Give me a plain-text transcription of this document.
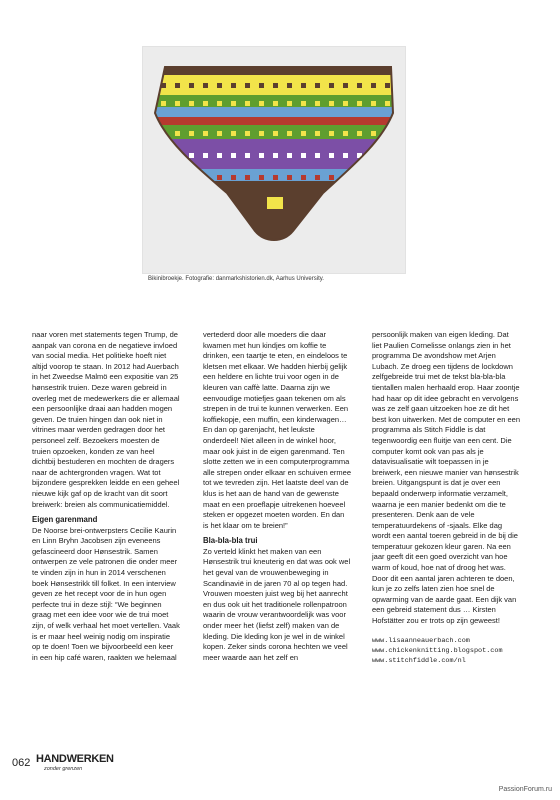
Bikinibroekje. Fotografie: danmarkshistorien.dk, Aarhus University.

naar voren met statements tegen Trump, de aanpak van corona en de negatieve invloed van social media. Het politieke hoeft niet altijd voorop te staan. In 2012 had Auerbach in het Zweedse Malmö een expositie van 25 hønsestrik truien. Deze waren gebreid in overleg met de medewerkers die er allemaal een persoonlijke draai aan hadden mogen geven. De truien hingen dan ook niet in vitrines maar werden gedragen door het personeel zelf. Bezoekers moesten de truien opzoeken, konden ze van heel dichtbij bestuderen en mochten de dragers naar de achtergronden vragen. Wat tot bijzondere gesprekken leidde en een geheel nieuwe kijk gaf op de kracht van dit soort breiwerk: breien als communicatiemiddel.

Eigen garenmand

De Noorse brei-ontwerpsters Cecilie Kaurin en Linn Bryhn Jacobsen zijn eveneens gefascineerd door Hønsestrik. Samen ontwerpen ze vele patronen die onder meer te vinden zijn in hun in 2014 verschenen boek Hønsestrikk till folket. In een interview geven ze het recept voor de in hun ogen perfecte trui in deze stijl: “We beginnen graag met een idee voor wie de trui moet zijn, of welk verhaal het moet vertellen. Vaak is er maar heel weinig nodig om inspiratie op te doen! Toen we bijvoorbeeld een keer in een hip café waren, raakten we helemaal

vertederd door alle moeders die daar kwamen met hun kindjes om koffie te drinken, een taartje te eten, en eindeloos te kletsen met elkaar. We hadden hierbij gelijk een heldere en lichte trui voor ogen in de kleuren van caffè latte. Daarna zijn we eenvoudige motiefjes gaan tekenen om als strepen in de trui te kunnen verwerken. Een koffiekopje, een muffin, een kinderwagen… En dan op garenjacht, het leukste onderdeel! Niet alleen in de winkel hoor, maar ook juist in de eigen garenmand. Ten slotte zetten we in een computerprogramma alle strepen onder elkaar en schuiven ermee tot we tevreden zijn. Het laatste deel van de klus is het aan de hand van de gewenste maat en een proeflapje uitrekenen hoeveel steken er opgezet moeten worden. En dan is het klaar om te breien!”

Bla-bla-bla trui

Zo verteld klinkt het maken van een Hønsestrik trui kneuterig en dat was ook wel het geval van de vrouwenbeweging in Scandinavië in de jaren 70 al op tegen had. Vrouwen moesten juist weg bij het aanrecht en dus ook uit het traditionele rollenpatroon waarin de vrouw verantwoordelijk was voor onder meer het (liefst zelf) maken van de kleding. Die kleding kon je wel in de winkel kopen. Zeker sinds corona hechten we veel meer waarde aan het zelf en

persoonlijk maken van eigen kleding. Dat liet Paulien Cornelisse onlangs zien in het programma De avondshow met Arjen Lubach. Ze droeg een tijdens de lockdown zelfgebreide trui met de tekst bla-bla-bla tientallen malen herhaald erop. Haar zoontje had haar op dit idee gebracht en vervolgens was ze zelf gaan uitzoeken hoe ze dit het best kon uitwerken. Met de computer en een programma als Stitch Fiddle is dat tegenwoordig een fluitje van een cent. Die computer komt ook van pas als je datavisualisatie wilt toepassen in je breiwerk, een nieuwe manier van hønsestrik breien. Uitgangspunt is dat je over een bepaald onderwerp informatie verzamelt, waarna je een manier bedenkt om die te presenteren. Denk aan de vele temperatuurdekens of -sjaals. Elke dag wordt een aantal toeren gebreid in de bij die temperatuur gekozen kleur garen. Na een jaar geeft dit een goed overzicht van hoe warm of koud, hoe nat of droog het was. Door dit een aantal jaren achteren te doen, kun je zo zelfs laten zien hoe snel de opwarming van de aarde gaat. Een dijk van een gebreid statement dus … Kirsten Hofstätter zou er trots op zijn geweest!

www.lisaanneauerbach.com
www.chickenknitting.blogspot.com
www.stitchfiddle.com/nl

062 HANDWERKEN
zonder grenzen
PassionForum.ru
